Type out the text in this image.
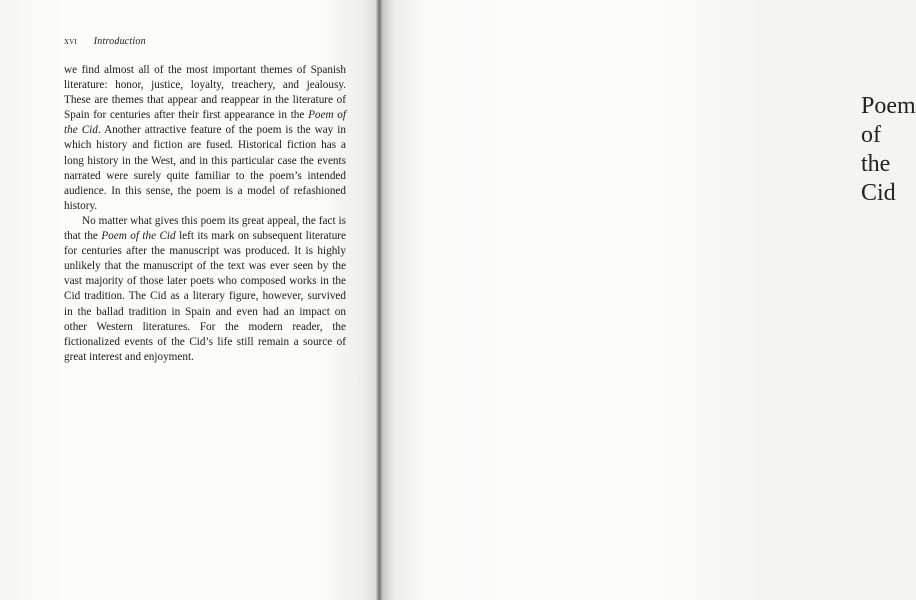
xvi Introduction

we find almost all of the most important themes of Spanish literature: honor, justice, loyalty, treachery, and jealousy. These are themes that appear and reappear in the literature of Spain for centuries after their first appearance in the Poem of the Cid. Another attractive feature of the poem is the way in which history and fiction are fused. Historical fiction has a long history in the West, and in this particular case the events narrated were surely quite familiar to the poem’s intended audience. In this sense, the poem is a model of refashioned history.

No matter what gives this poem its great appeal, the fact is that the Poem of the Cid left its mark on subsequent literature for centuries after the manuscript was produced. It is highly unlikely that the manuscript of the text was ever seen by the vast majority of those later poets who composed works in the Cid tradition. The Cid as a literary figure, however, survived in the ballad tradition in Spain and even had an impact on other Western literatures. For the modern reader, the fictionalized events of the Cid’s life still remain a source of great interest and enjoyment.

Poem
of the Cid
